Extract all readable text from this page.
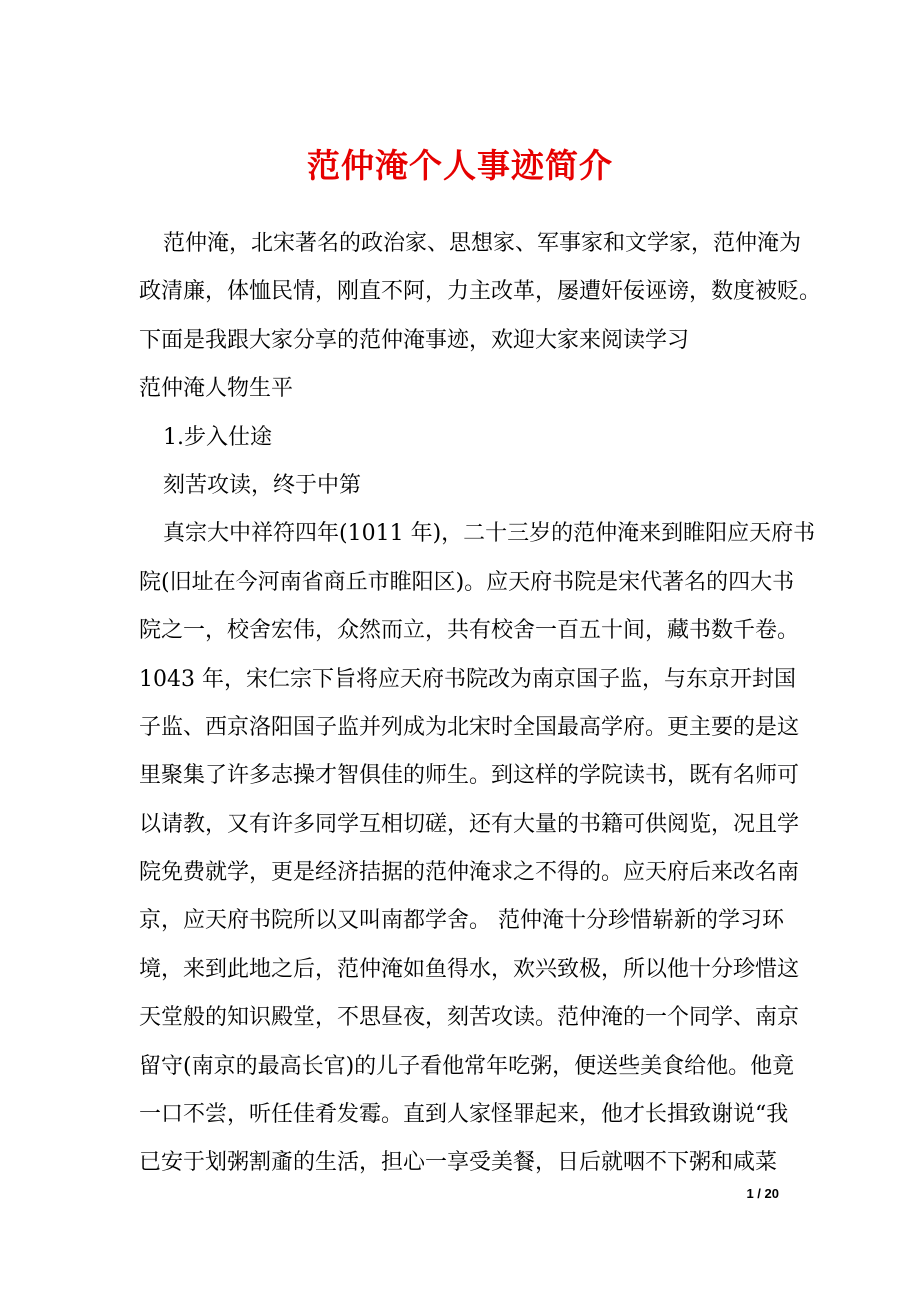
范仲淹个人事迹简介
范仲淹，北宋著名的政治家、思想家、军事家和文学家，范仲淹为
政清廉，体恤民情，刚直不阿，力主改革，屡遭奸佞诬谤，数度被贬。
下面是我跟大家分享的范仲淹事迹，欢迎大家来阅读学习
范仲淹人物生平
1.步入仕途
刻苦攻读，终于中第
真宗大中祥符四年(1011 年)，二十三岁的范仲淹来到睢阳应天府书
院(旧址在今河南省商丘市睢阳区)。应天府书院是宋代著名的四大书
院之一，校舍宏伟，众然而立，共有校舍一百五十间，藏书数千卷。
1043 年，宋仁宗下旨将应天府书院改为南京国子监，与东京开封国
子监、西京洛阳国子监并列成为北宋时全国最高学府。更主要的是这
里聚集了许多志操才智俱佳的师生。到这样的学院读书，既有名师可
以请教，又有许多同学互相切磋，还有大量的书籍可供阅览，况且学
院免费就学，更是经济拮据的范仲淹求之不得的。应天府后来改名南
京，应天府书院所以又叫南都学舍。 范仲淹十分珍惜崭新的学习环
境，来到此地之后，范仲淹如鱼得水，欢兴致极，所以他十分珍惜这
天堂般的知识殿堂，不思昼夜，刻苦攻读。范仲淹的一个同学、南京
留守(南京的最高长官)的儿子看他常年吃粥，便送些美食给他。他竟
一口不尝，听任佳肴发霉。直到人家怪罪起来，他才长揖致谢说“我
已安于划粥割齑的生活，担心一享受美餐，日后就咽不下粥和咸菜
1 / 20
